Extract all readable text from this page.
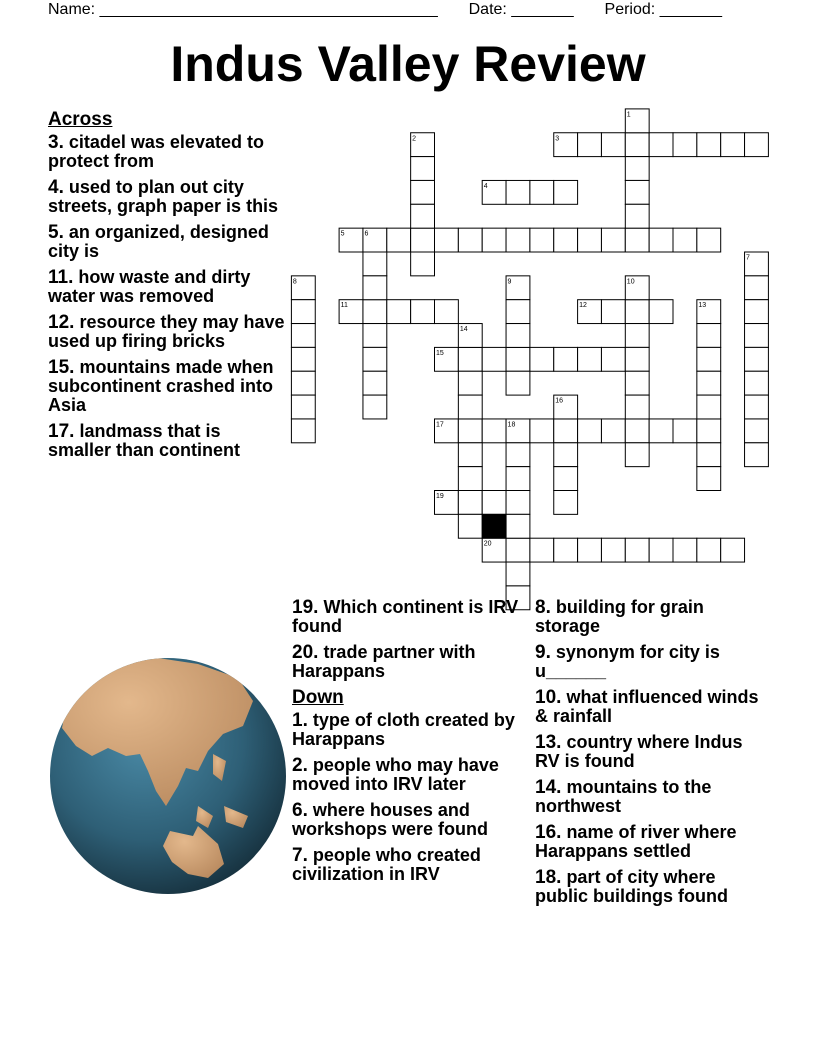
Name: ______________________________________ Date: _______ Period: _______
Indus Valley Review
3
4
5
11	12
15
17
19
20
1
2
6
7
8	9	10
13
14
16
18
Across
3. citadel was elevated to protect from
4. used to plan out city streets, graph paper is this
5. an organized, designed city is
11. how waste and dirty water was removed
12. resource they may have used up firing bricks
15. mountains made when subcontinent crashed into Asia
17. landmass that is smaller than continent
19. Which continent is IRV found
20. trade partner with Harappans
Down
1. type of cloth created by Harappans
2. people who may have moved into IRV later
6. where houses and workshops were found
7. people who created civilization in IRV
8. building for grain storage
9. synonym for city is u______
10. what influenced winds & rainfall
13. country where Indus RV is found
14. mountains to the northwest
16. name of river where Harappans settled
18. part of city where public buildings found
